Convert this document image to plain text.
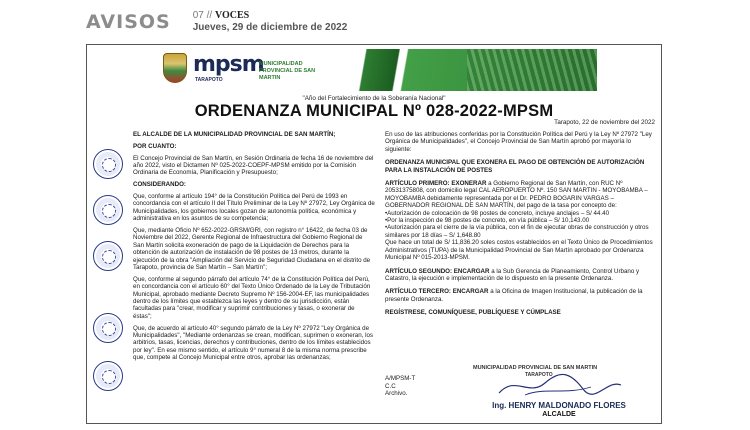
AVISOS 07 // VOCES
Jueves, 29 de diciembre de 2022
mpsm
TARAPOTO
MUNICIPALIDAD PROVINCIAL DE SAN MARTIN
"Año del Fortalecimiento de la Soberanía Nacional"
ORDENANZA MUNICIPAL Nº 028-2022-MPSM
Tarapoto, 22 de noviembre del 2022

EL ALCALDE DE LA MUNICIPALIDAD PROVINCIAL DE SAN MARTÍN;

POR CUANTO:

El Concejo Provincial de San Martín, en Sesión Ordinaria de fecha 16 de noviembre del año 2022, visto el Dictamen Nº 025-2022-COEPF-MPSM emitido por la Comisión Ordinaria de Economía, Planificación y Presupuesto;

CONSIDERANDO:

Que, conforme al artículo 194° de la Constitución Política del Perú de 1993 en concordancia con el artículo II del Título Preliminar de la Ley Nº 27972, Ley Orgánica de Municipalidades, los gobiernos locales gozan de autonomía política, económica y administrativa en los asuntos de su competencia;

Que, mediante Oficio Nº 652-2022-GRSM/GRI, con registro n° 16422, de fecha 03 de Noviembre del 2022, Gerente Regional de Infraestructura del Gobierno Regional de San Martín solicita exoneración de pago de la Liquidación de Derechos para la obtención de autorización de instalación de 98 postes de 13 metros, durante la ejecución de la obra "Ampliación del Servicio de Seguridad Ciudadana en el distrito de Tarapoto, provincia de San Martín – San Martín";

Que, conforme al segundo párrafo del artículo 74° de la Constitución Política del Perú, en concordancia con el artículo 60° del Texto Único Ordenado de la Ley de Tributación Municipal, aprobado mediante Decreto Supremo Nº 156-2004-EF, las municipalidades dentro de los límites que establezca las leyes y dentro de su jurisdicción, están facultadas para "crear, modificar y suprimir contribuciones y tasas, o exonerar de éstas";

Que, de acuerdo al artículo 40° segundo párrafo de la Ley Nº 27972 "Ley Orgánica de Municipalidades", "Mediante ordenanzas se crean, modifican, suprimen o exoneran, los arbitrios, tasas, licencias, derechos y contribuciones, dentro de los límites establecidos por ley". En ese mismo sentido, el artículo 9° numeral 8 de la misma norma prescribe que, compete al Concejo Municipal entre otros, aprobar las ordenanzas;

En uso de las atribuciones conferidas por la Constitución Política del Perú y la Ley Nº 27972 "Ley Orgánica de Municipalidades", el Concejo Provincial de San Martín aprobó por mayoría lo siguiente:

ORDENANZA MUNICIPAL QUE EXONERA EL PAGO DE OBTENCIÓN DE AUTORIZACIÓN PARA LA INSTALACIÓN DE POSTES

ARTÍCULO PRIMERO: EXONERAR a Gobierno Regional de San Martín, con RUC Nº 20531375808, con domicilio legal CAL AEROPUERTO Nº. 150 SAN MARTIN - MOYOBAMBA – MOYOBAMBA debidamente representada por el Dr. PEDRO BOGARIN VARGAS – GOBERNADOR REGIONAL DE SAN MARTÍN, del pago de la tasa por concepto de:

•Autorización de colocación de 98 postes de concreto, incluye anclajes – S/ 44.40

•Por la inspección de 98 postes de concreto, en vía pública – S/ 10,143.00

•Autorización para el cierre de la vía pública, con el fin de ejecutar obras de construcción y otros similares por 18 días – S/ 1,648.80

Que hace un total de S/ 11,836.20 soles costos establecidos en el Texto Único de Procedimientos Administrativos (TUPA) de la Municipalidad Provincial de San Martín aprobado por Ordenanza Municipal Nº 015-2013-MPSM.

ARTÍCULO SEGUNDO: ENCARGAR a la Sub Gerencia de Planeamiento, Control Urbano y Catastro, la ejecución e implementación de lo dispuesto en la presente Ordenanza.

ARTÍCULO TERCERO: ENCARGAR a la Oficina de Imagen Institucional, la publicación de la presente Ordenanza.

REGÍSTRESE, COMUNÍQUESE, PUBLÍQUESE Y CÚMPLASE

A/MPSM-T
C.C
Archivo.
MUNICIPALIDAD PROVINCIAL DE SAN MARTIN
TARAPOTO
Ing. HENRY MALDONADO FLORES
ALCALDE
